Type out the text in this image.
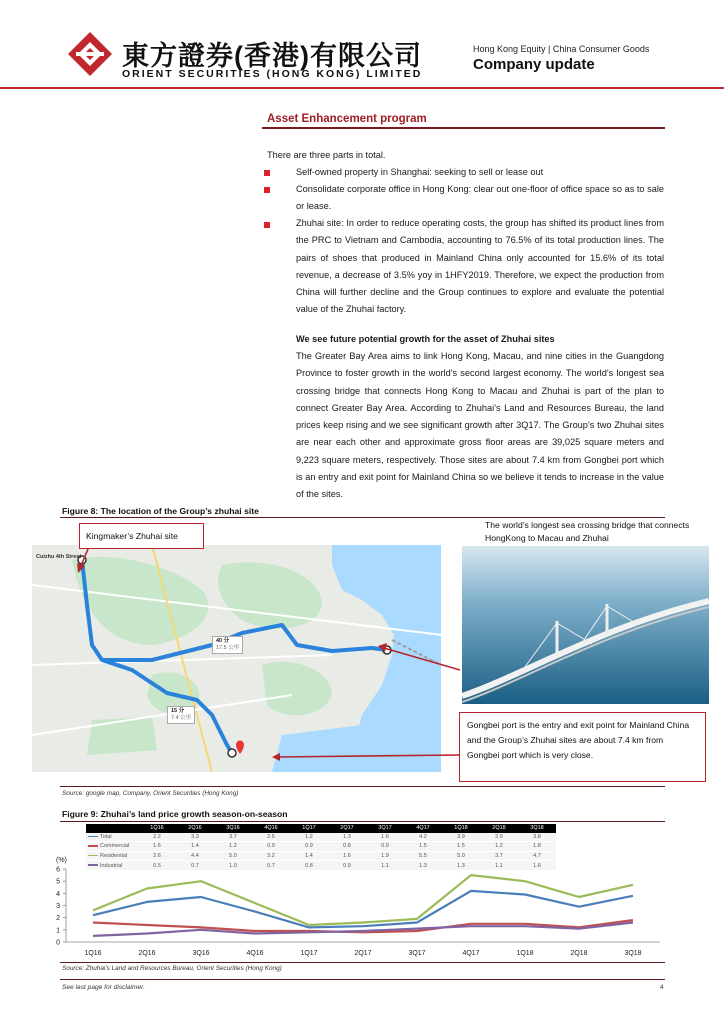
東方證券(香港)有限公司
ORIENT SECURITIES (HONG KONG) LIMITED
Hong Kong Equity | China Consumer Goods
Company update
Asset Enhancement program
There are three parts in total.
Self-owned property in Shanghai: seeking to sell or lease out
Consolidate corporate office in Hong Kong: clear out one-floor of office space so as to sale or lease.
Zhuhai site: In order to reduce operating costs, the group has shifted its product lines from the PRC to Vietnam and Cambodia, accounting to 76.5% of its total production lines. The pairs of shoes that produced in Mainland China only accounted for 15.6% of its total revenue, a decrease of 3.5% yoy in 1HFY2019. Therefore, we expect the production from China will further decline and the Group continues to explore and evaluate the potential value of the Zhuhai factory.
We see future potential growth for the asset of Zhuhai sites
The Greater Bay Area aims to link Hong Kong, Macau, and nine cities in the Guangdong Province to foster growth in the world’s second largest economy. The world’s longest sea crossing bridge that connects Hong Kong to Macau and Zhuhai is part of the plan to connect Greater Bay Area. According to Zhuhai’s Land and Resources Bureau, the land prices keep rising and we see significant growth after 3Q17. The Group’s two Zhuhai sites are near each other and approximate gross floor areas are 39,025 square meters and 9,223 square meters, respectively. Those sites are about 7.4 km from Gongbei port which is an entry and exit point for Mainland China so we believe it tends to increase in the value of the sites.
Figure 8: The location of the Group’s zhuhai site
Cuizhu 4th Street
40 分
17.5 公里
15 分
7.4 公里
Kingmaker’s Zhuhai site
The world’s longest sea crossing bridge that connects HongKong to Macau and Zhuhai
Gongbei port is the entry and exit point for Mainland China and the Group’s Zhuhai sites are about 7.4 km from Gongbei port which is very close.
Source: google map, Company, Orient Securities (Hong Kong)
Figure 9: Zhuhai’s land price growth season-on-season
	1Q16	2Q16	3Q16	4Q16	1Q17	2Q17	3Q17	4Q17	1Q18	2Q18	3Q18
Total	2.2	3.3	3.7	2.5	1.2	1.3	1.6	4.2	3.9	2.9	3.8
Commercial	1.6	1.4	1.2	0.9	0.9	0.8	0.9	1.5	1.5	1.2	1.8
Residential	2.6	4.4	5.0	3.2	1.4	1.6	1.9	5.5	5.0	3.7	4.7
Industrial	0.5	0.7	1.0	0.7	0.8	0.9	1.1	1.3	1.3	1.1	1.6
(%)
0
1
2
3
4
5
6
1Q16	2Q16	3Q16	4Q16	1Q17	2Q17	3Q17	4Q17	1Q18	2Q18	3Q18
Source: Zhuhai’s Land and Resources Bureau, Orient Securities (Hong Kong)
See last page for disclaimer.	4
